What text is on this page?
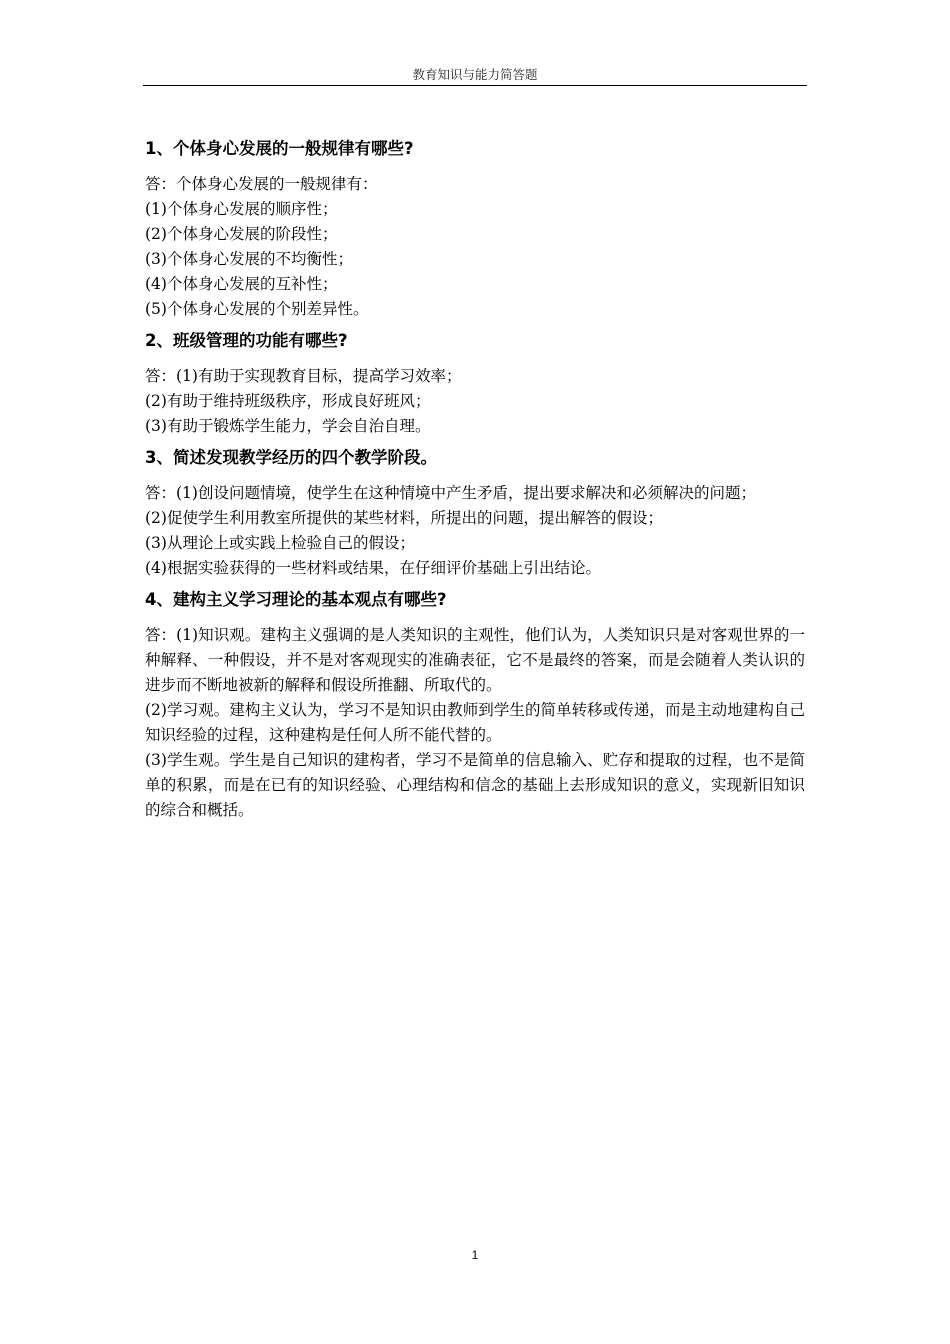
教育知识与能力简答题

1、个体身心发展的一般规律有哪些?

答：个体身心发展的一般规律有：

(1)个体身心发展的顺序性；

(2)个体身心发展的阶段性；

(3)个体身心发展的不均衡性；

(4)个体身心发展的互补性；

(5)个体身心发展的个别差异性。

2、班级管理的功能有哪些?

答：(1)有助于实现教育目标，提高学习效率；

(2)有助于维持班级秩序，形成良好班风；

(3)有助于锻炼学生能力，学会自治自理。

3、简述发现教学经历的四个教学阶段。

答：(1)创设问题情境，使学生在这种情境中产生矛盾，提出要求解决和必须解决的问题；

(2)促使学生利用教室所提供的某些材料，所提出的问题，提出解答的假设；

(3)从理论上或实践上检验自己的假设；

(4)根据实验获得的一些材料或结果，在仔细评价基础上引出结论。

4、建构主义学习理论的基本观点有哪些?

答：(1)知识观。建构主义强调的是人类知识的主观性，他们认为，人类知识只是对客观世界的一种解释、一种假设，并不是对客观现实的准确表征，它不是最终的答案，而是会随着人类认识的进步而不断地被新的解释和假设所推翻、所取代的。

(2)学习观。建构主义认为，学习不是知识由教师到学生的简单转移或传递，而是主动地建构自己知识经验的过程，这种建构是任何人所不能代替的。

(3)学生观。学生是自己知识的建构者，学习不是简单的信息输入、贮存和提取的过程，也不是简单的积累，而是在已有的知识经验、心理结构和信念的基础上去形成知识的意义，实现新旧知识的综合和概括。

1
